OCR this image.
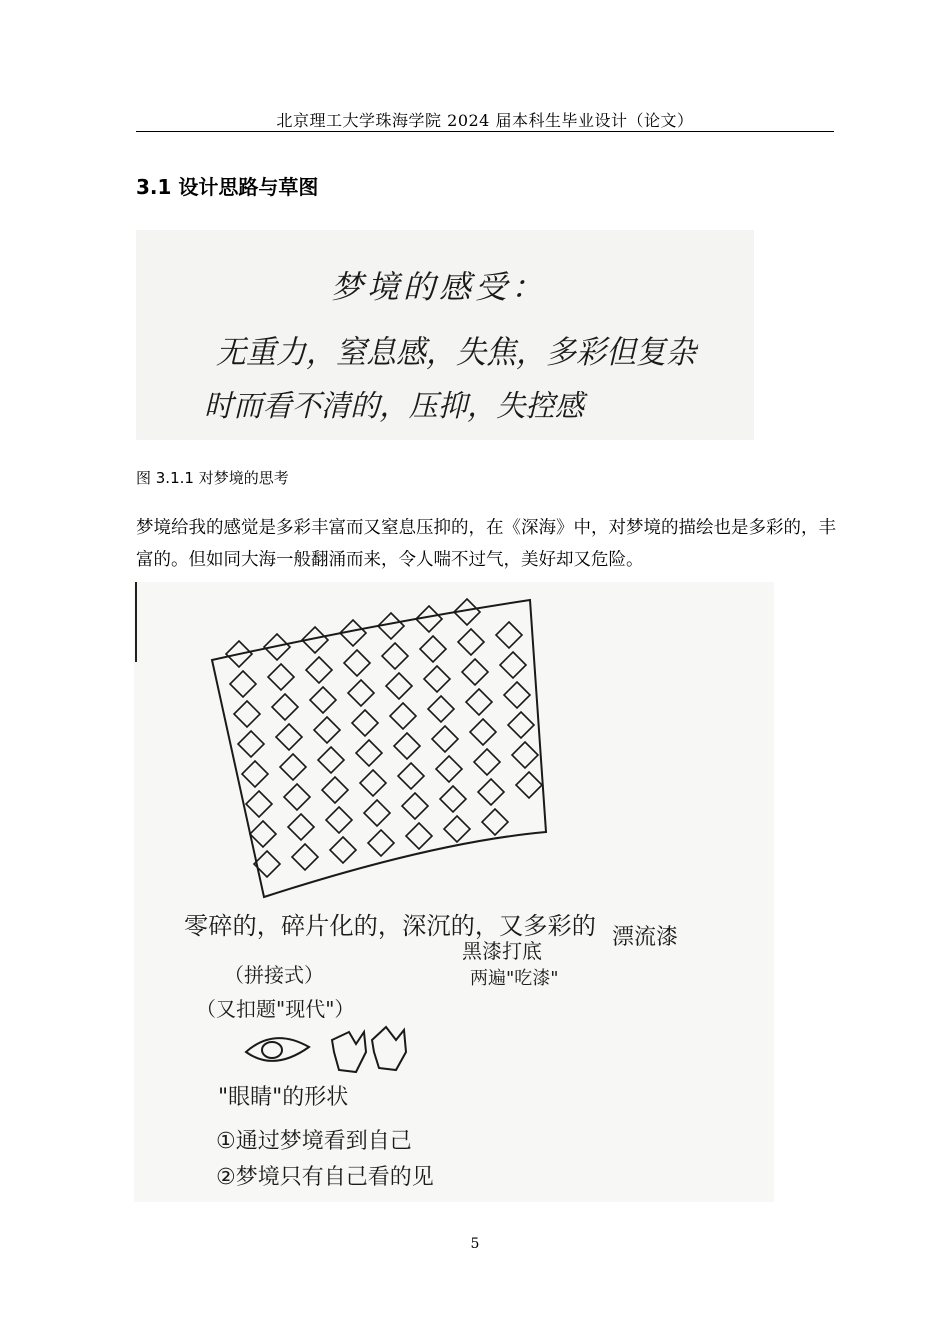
北京理工大学珠海学院 2024 届本科生毕业设计（论文）
3.1 设计思路与草图
梦境的感受：
无重力，窒息感，失焦，多彩但复杂
时而看不清的，压抑，失控感
图 3.1.1 对梦境的思考
梦境给我的感觉是多彩丰富而又窒息压抑的，在《深海》中，对梦境的描绘也是多彩的，丰富的。但如同大海一般翻涌而来，令人喘不过气，美好却又危险。
零碎的，碎片化的，深沉的，又多彩的 漂流漆
（拼接式）
黑漆打底
两遍"吃漆"
（又扣题"现代"）
"眼睛"的形状
①通过梦境看到自己
②梦境只有自己看的见
5
